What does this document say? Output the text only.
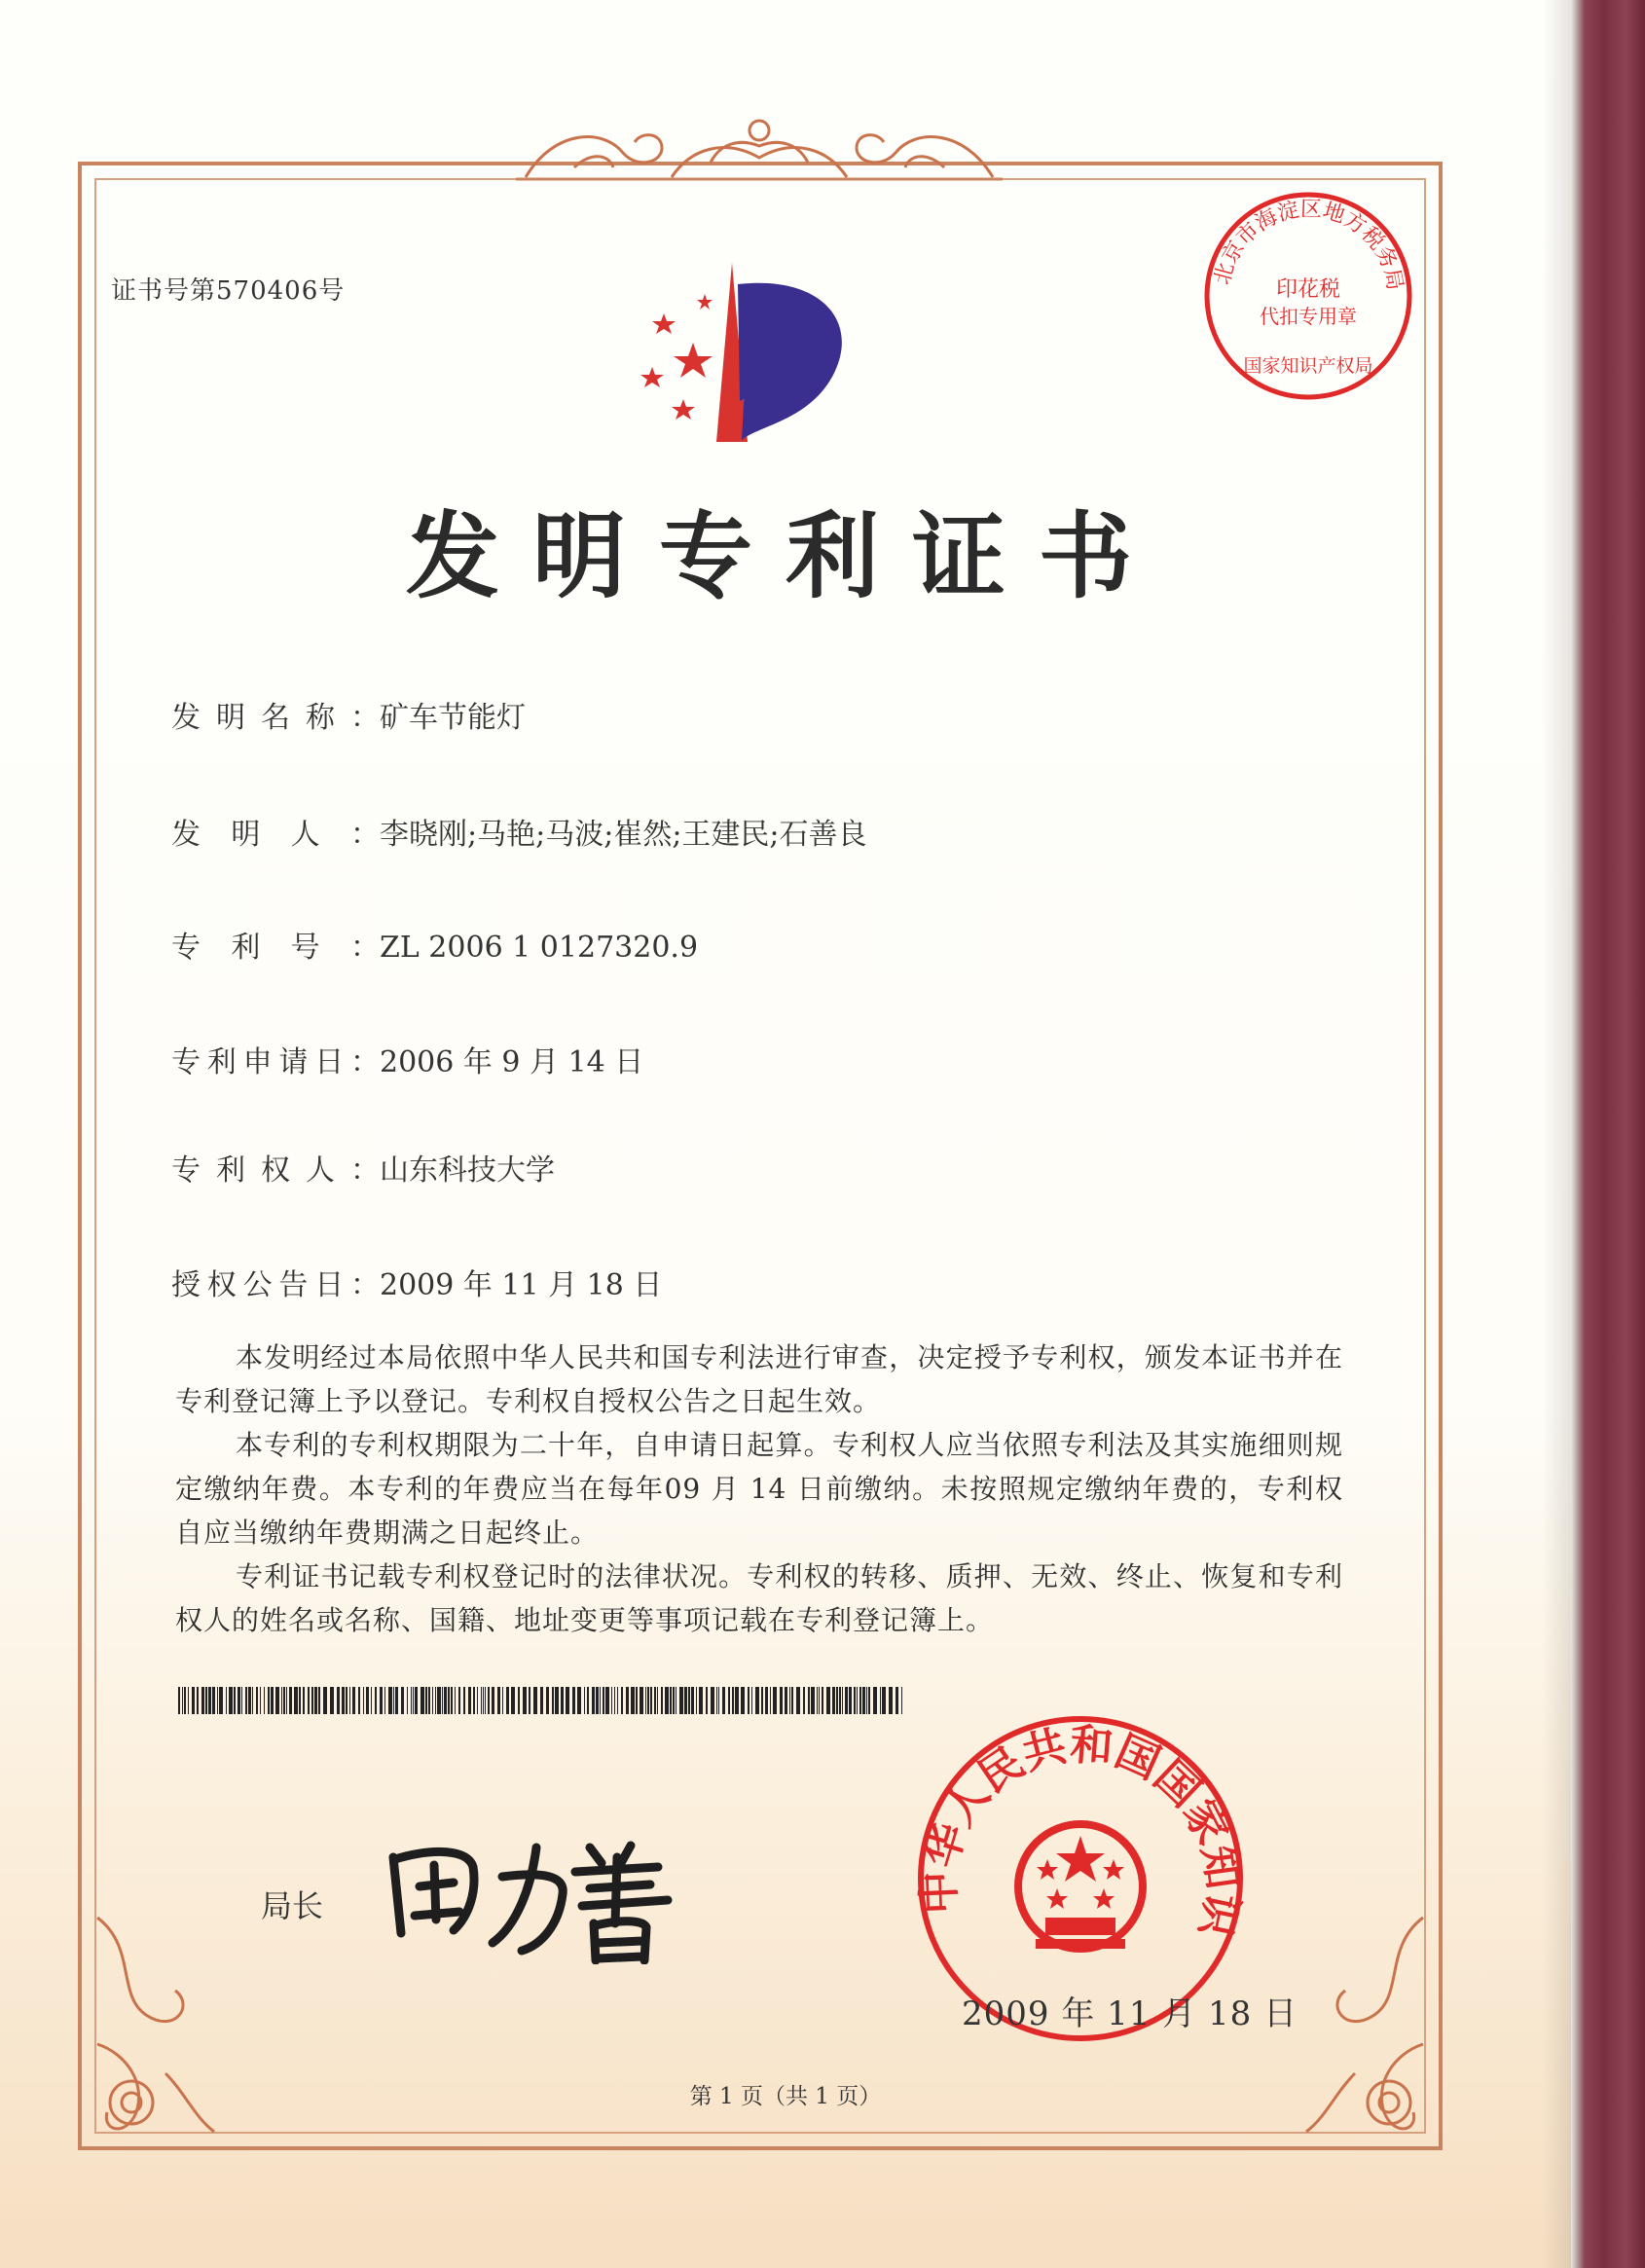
证书号第570406号
北京市海淀区地方税务局
印花税
代扣专用章
国家知识产权局
发明专利证书
发明名称：矿车节能灯
发明人：李晓刚;马艳;马波;崔然;王建民;石善良
专利号：ZL 2006 1 0127320.9
专利申请日：2006 年 9 月 14 日
专利权人：山东科技大学
授权公告日：2009 年 11 月 18 日

本发明经过本局依照中华人民共和国专利法进行审查，决定授予专利权，颁发本证书并在专利登记簿上予以登记。专利权自授权公告之日起生效。

本专利的专利权期限为二十年，自申请日起算。专利权人应当依照专利法及其实施细则规定缴纳年费。本专利的年费应当在每年09 月 14 日前缴纳。未按照规定缴纳年费的，专利权自应当缴纳年费期满之日起终止。

专利证书记载专利权登记时的法律状况。专利权的转移、质押、无效、终止、恢复和专利权人的姓名或名称、国籍、地址变更等事项记载在专利登记簿上。

局长	中华人民共和国国家知识
2009 年 11 月 18 日
第 1 页（共 1 页）
